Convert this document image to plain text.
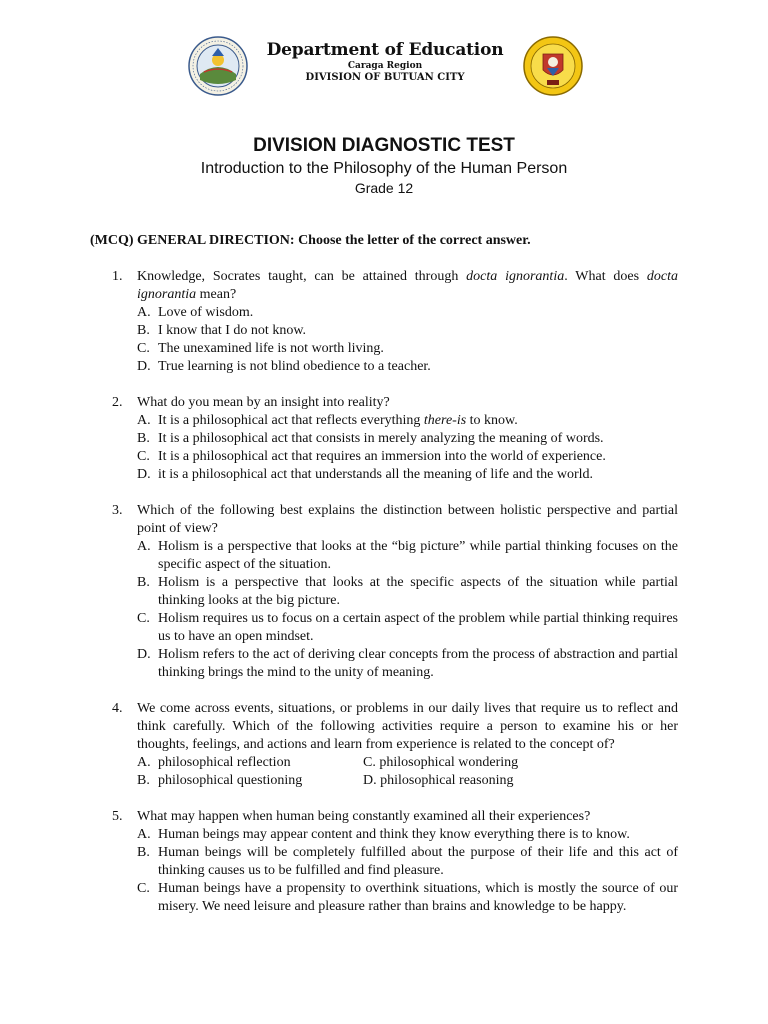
Department of Education
Caraga Region
DIVISION OF BUTUAN CITY
DIVISION DIAGNOSTIC TEST
Introduction to the Philosophy of the Human Person
Grade 12
(MCQ) GENERAL DIRECTION: Choose the letter of the correct answer.
1.	Knowledge, Socrates taught, can be attained through docta ignorantia. What does docta ignorantia mean?
A. Love of wisdom.
B. I know that I do not know.
C. The unexamined life is not worth living.
D. True learning is not blind obedience to a teacher.
2.	What do you mean by an insight into reality?
A. It is a philosophical act that reflects everything there-is to know.
B. It is a philosophical act that consists in merely analyzing the meaning of words.
C. It is a philosophical act that requires an immersion into the world of experience.
D. it is a philosophical act that understands all the meaning of life and the world.
3.	Which of the following best explains the distinction between holistic perspective and partial point of view?
A. Holism is a perspective that looks at the “big picture” while partial thinking focuses on the specific aspect of the situation.
B. Holism is a perspective that looks at the specific aspects of the situation while partial thinking looks at the big picture.
C. Holism requires us to focus on a certain aspect of the problem while partial thinking requires us to have an open mindset.
D. Holism refers to the act of deriving clear concepts from the process of abstraction and partial thinking brings the mind to the unity of meaning.
4.	We come across events, situations, or problems in our daily lives that require us to reflect and think carefully. Which of the following activities require a person to examine his or her thoughts, feelings, and actions and learn from experience is related to the concept of?
A. philosophical reflection	C. philosophical wondering
B. philosophical questioning	D. philosophical reasoning
5.	What may happen when human being constantly examined all their experiences?
A. Human beings may appear content and think they know everything there is to know.
B. Human beings will be completely fulfilled about the purpose of their life and this act of thinking causes us to be fulfilled and find pleasure.
C. Human beings have a propensity to overthink situations, which is mostly the source of our misery. We need leisure and pleasure rather than brains and knowledge to be happy.
